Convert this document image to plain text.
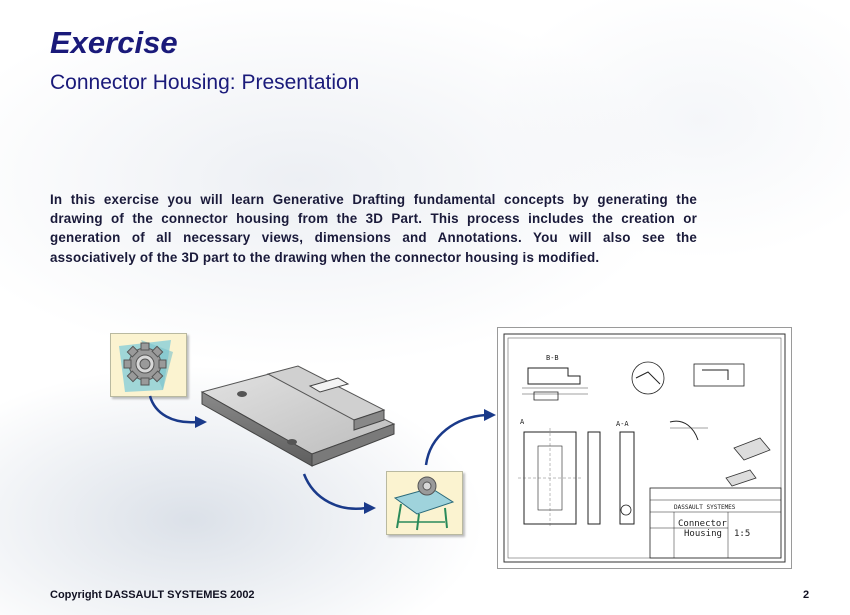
Exercise
Connector Housing: Presentation
In this exercise you will learn Generative Drafting fundamental concepts by generating the drawing of the connector housing from the 3D Part. This process includes the creation or generation of all necessary views, dimensions and Annotations. You will also see the associatively of the 3D part to the drawing when the connector housing is modified.
B-B
A	A-A
DASSAULT SYSTEMES
Connector
Housing 1:5
Copyright DASSAULT SYSTEMES 2002	2
